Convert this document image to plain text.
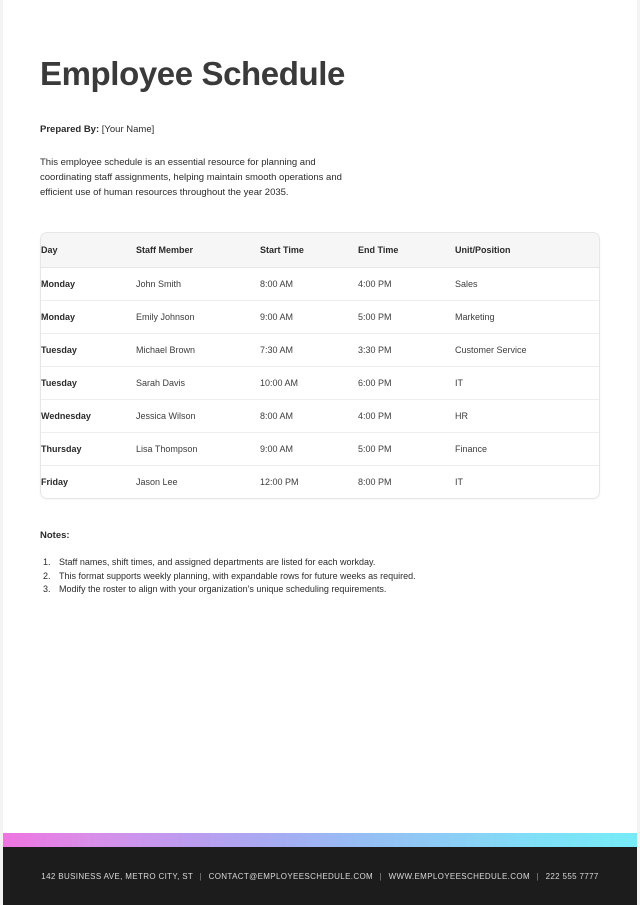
Employee Schedule

Prepared By: [Your Name]

This employee schedule is an essential resource for planning and coordinating staff assignments, helping maintain smooth operations and efficient use of human resources throughout the year 2035.

Day	Staff Member	Start Time	End Time	Unit/Position
Monday	John Smith	8:00 AM	4:00 PM	Sales
Monday	Emily Johnson	9:00 AM	5:00 PM	Marketing
Tuesday	Michael Brown	7:30 AM	3:30 PM	Customer Service
Tuesday	Sarah Davis	10:00 AM	6:00 PM	IT
Wednesday	Jessica Wilson	8:00 AM	4:00 PM	HR
Thursday	Lisa Thompson	9:00 AM	5:00 PM	Finance
Friday	Jason Lee	12:00 PM	8:00 PM	IT
Notes:
Staff names, shift times, and assigned departments are listed for each workday.
This format supports weekly planning, with expandable rows for future weeks as required.
Modify the roster to align with your organization's unique scheduling requirements.
142 BUSINESS AVE, METRO CITY, ST | CONTACT@EMPLOYEESCHEDULE.COM | WWW.EMPLOYEESCHEDULE.COM | 222 555 7777
